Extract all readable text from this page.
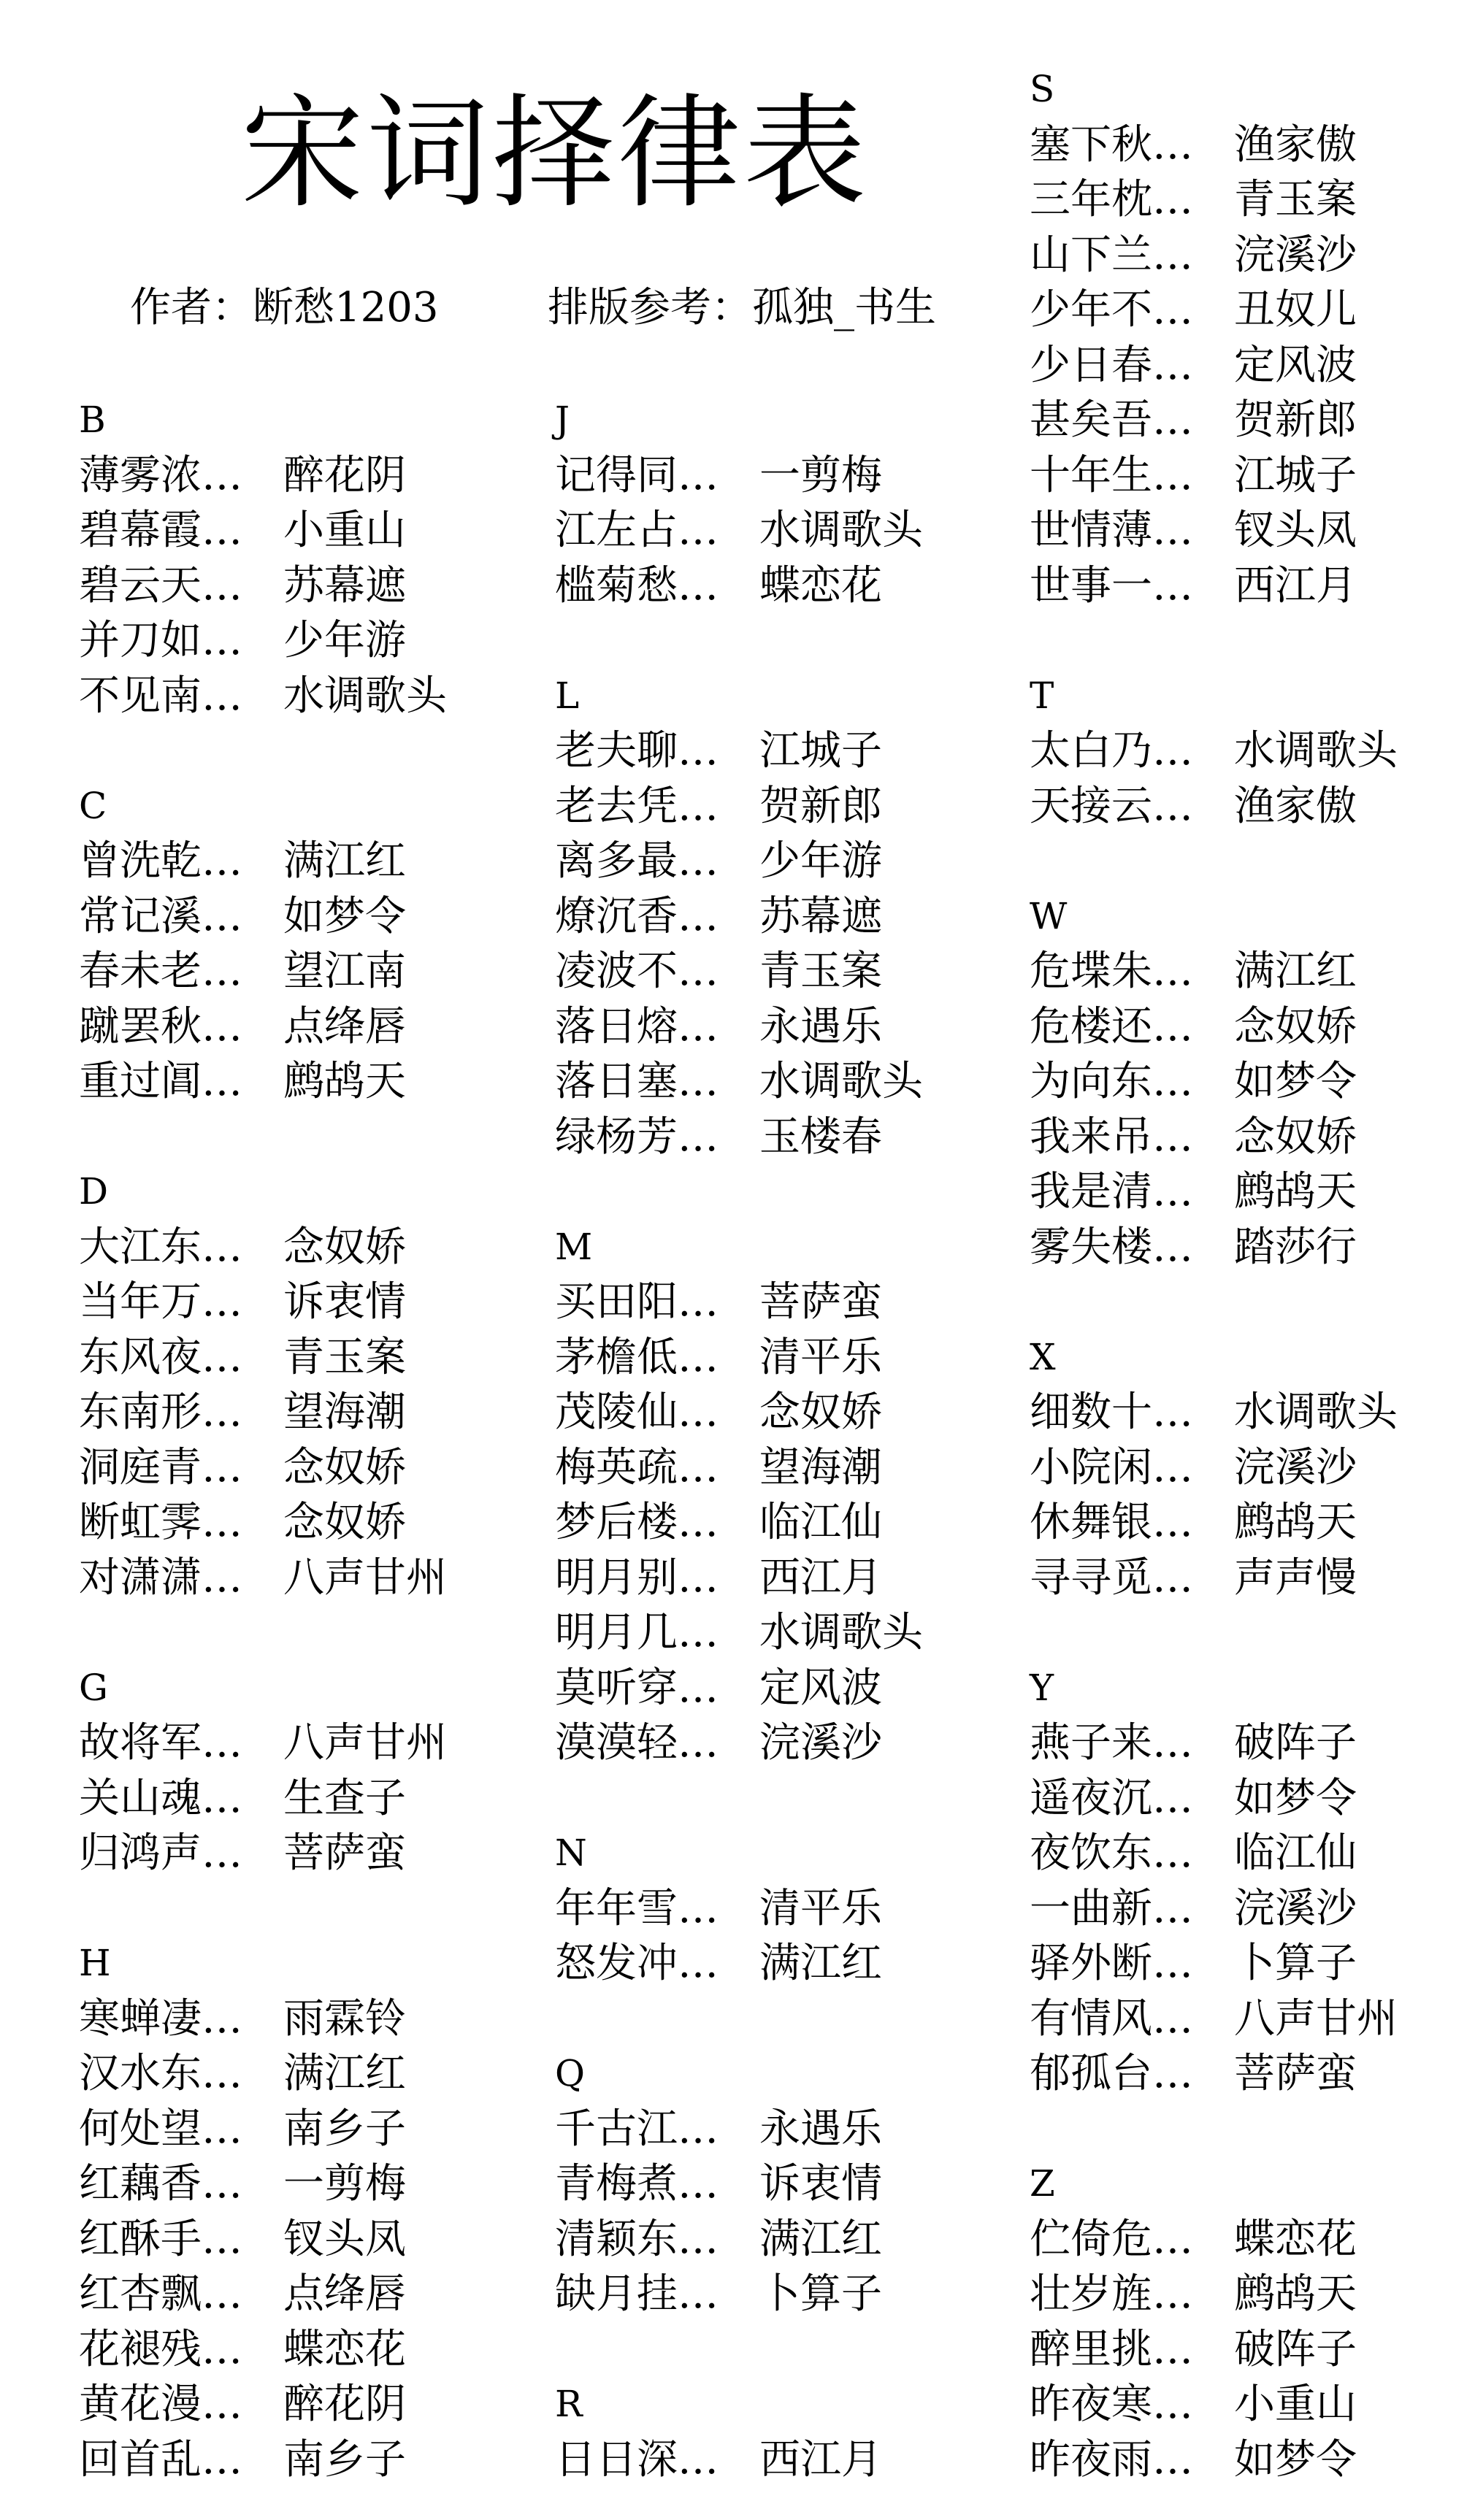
宋词择律表
作者：断愁1203	排版参考：孤独_书生
B
薄雾浓…	醉花阴
碧幕霞…	小重山
碧云天…	苏幕遮
并刀如…	少年游
不见南…	水调歌头
C
曾洗乾…	满江红
常记溪…	如梦令
春未老…	望江南
蹴罢秋…	点绛唇
重过阊…	鹧鸪天
D
大江东…	念奴娇
当年万…	诉衷情
东风夜…	青玉案
东南形…	望海潮
洞庭青…	念奴娇
断虹霁…	念奴娇
对潇潇…	八声甘州
G
故将军…	八声甘州
关山魂…	生查子
归鸿声…	菩萨蛮
H
寒蝉凄…	雨霖铃
汉水东…	满江红
何处望…	南乡子
红藕香…	一剪梅
红酥手…	钗头凤
红杏飘…	点绛唇
花褪残…	蝶恋花
黄花漫…	醉花阴
回首乱…	南乡子
J
记得同…	一剪梅
江左占…	水调歌头
槛菊愁…	蝶恋花
L
老夫聊…	江城子
老去凭…	贺新郎
离多最…	少年游
燎沉香…	苏幕遮
凌波不…	青玉案
落日熔…	永遇乐
落日塞…	水调歌头
绿杨芳…	玉楼春
M
买田阳…	菩萨蛮
茅檐低…	清平乐
茂陵仙…	念奴娇
梅英疏…	望海潮
梦后楼…	临江仙
明月别…	西江月
明月几…	水调歌头
莫听穿…	定风波
漠漠轻…	浣溪沙
N
年年雪…	清平乐
怒发冲…	满江红
Q
千古江…	永遇乐
青梅煮…	诉衷情
清颖东…	满江红
缺月挂…	卜算子
R
日日深…	西江月
S
塞下秋…	渔家傲
三年枕…	青玉案
山下兰…	浣溪沙
少年不…	丑奴儿
少日春…	定风波
甚矣吾…	贺新郎
十年生…	江城子
世情薄…	钗头凤
世事一…	西江月
T
太白乃…	水调歌头
天接云…	渔家傲
W
危堞朱…	满江红
危楼还…	念奴娇
为向东…	如梦令
我来吊…	念奴娇
我是清…	鹧鸪天
雾失楼…	踏莎行
X
细数十…	水调歌头
小院闲…	浣溪沙
休舞银…	鹧鸪天
寻寻觅…	声声慢
Y
燕子来…	破阵子
遥夜沉…	如梦令
夜饮东…	临江仙
一曲新…	浣溪沙
驿外断…	卜算子
有情风…	八声甘州
郁孤台…	菩萨蛮
Z
伫倚危…	蝶恋花
壮岁旌…	鹧鸪天
醉里挑…	破阵子
昨夜寒…	小重山
昨夜雨…	如梦令
